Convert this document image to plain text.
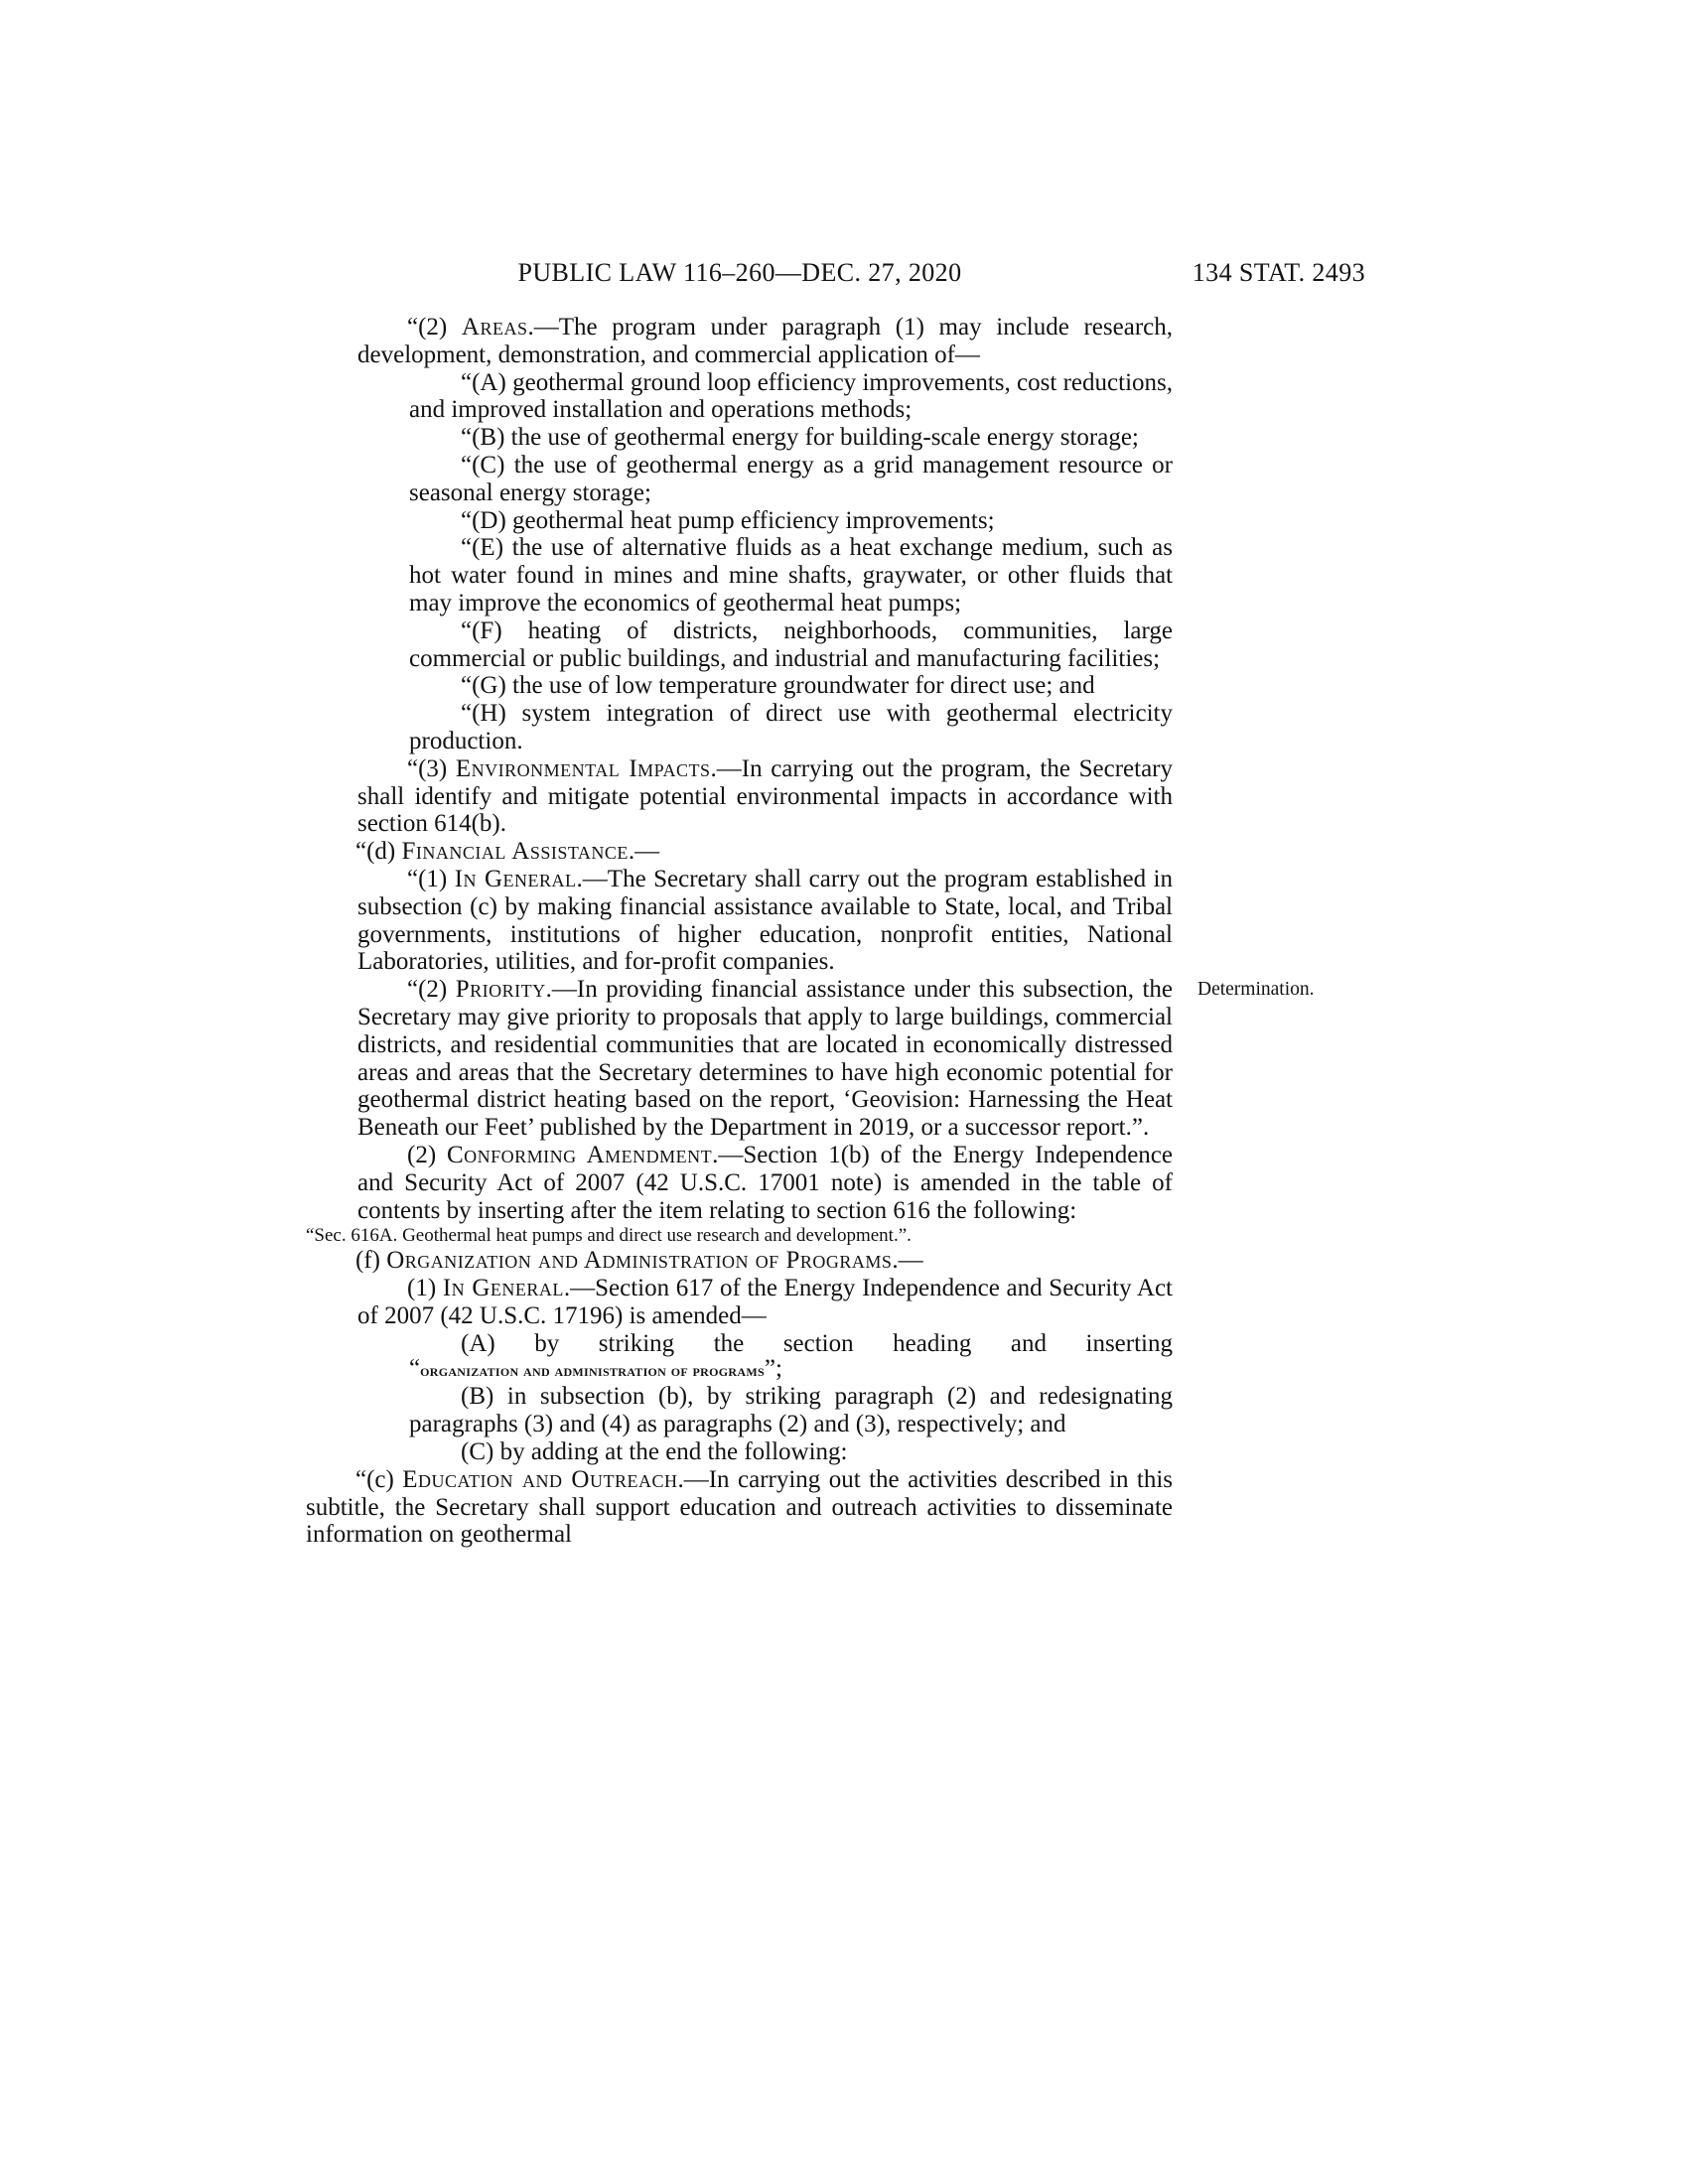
PUBLIC LAW 116–260—DEC. 27, 2020	134 STAT. 2493

“(2) Areas.—The program under paragraph (1) may include research, development, demonstration, and commercial application of—

“(A) geothermal ground loop efficiency improvements, cost reductions, and improved installation and operations methods;

“(B) the use of geothermal energy for building-scale energy storage;

“(C) the use of geothermal energy as a grid management resource or seasonal energy storage;

“(D) geothermal heat pump efficiency improvements;

“(E) the use of alternative fluids as a heat exchange medium, such as hot water found in mines and mine shafts, graywater, or other fluids that may improve the economics of geothermal heat pumps;

“(F) heating of districts, neighborhoods, communities, large commercial or public buildings, and industrial and manufacturing facilities;

“(G) the use of low temperature groundwater for direct use; and

“(H) system integration of direct use with geothermal electricity production.

“(3) Environmental Impacts.—In carrying out the program, the Secretary shall identify and mitigate potential environmental impacts in accordance with section 614(b).

“(d) Financial Assistance.—

“(1) In General.—The Secretary shall carry out the program established in subsection (c) by making financial assistance available to State, local, and Tribal governments, institutions of higher education, nonprofit entities, National Laboratories, utilities, and for-profit companies.

“(2) Priority.—In providing financial assistance under this subsection, the Secretary may give priority to proposals that apply to large buildings, commercial districts, and residential communities that are located in economically distressed areas and areas that the Secretary determines to have high economic potential for geothermal district heating based on the report, ‘Geovision: Harnessing the Heat Beneath our Feet’ published by the Department in 2019, or a successor report.”.
Determination.

(2) Conforming Amendment.—Section 1(b) of the Energy Independence and Security Act of 2007 (42 U.S.C. 17001 note) is amended in the table of contents by inserting after the item relating to section 616 the following:

“Sec. 616A. Geothermal heat pumps and direct use research and development.”.

(f) Organization and Administration of Programs.—

(1) In General.—Section 617 of the Energy Independence and Security Act of 2007 (42 U.S.C. 17196) is amended—

(A) by striking the section heading and inserting

“organization and administration of programs”;

(B) in subsection (b), by striking paragraph (2) and redesignating paragraphs (3) and (4) as paragraphs (2) and (3), respectively; and

(C) by adding at the end the following:

“(c) Education and Outreach.—In carrying out the activities described in this subtitle, the Secretary shall support education and outreach activities to disseminate information on geothermal
